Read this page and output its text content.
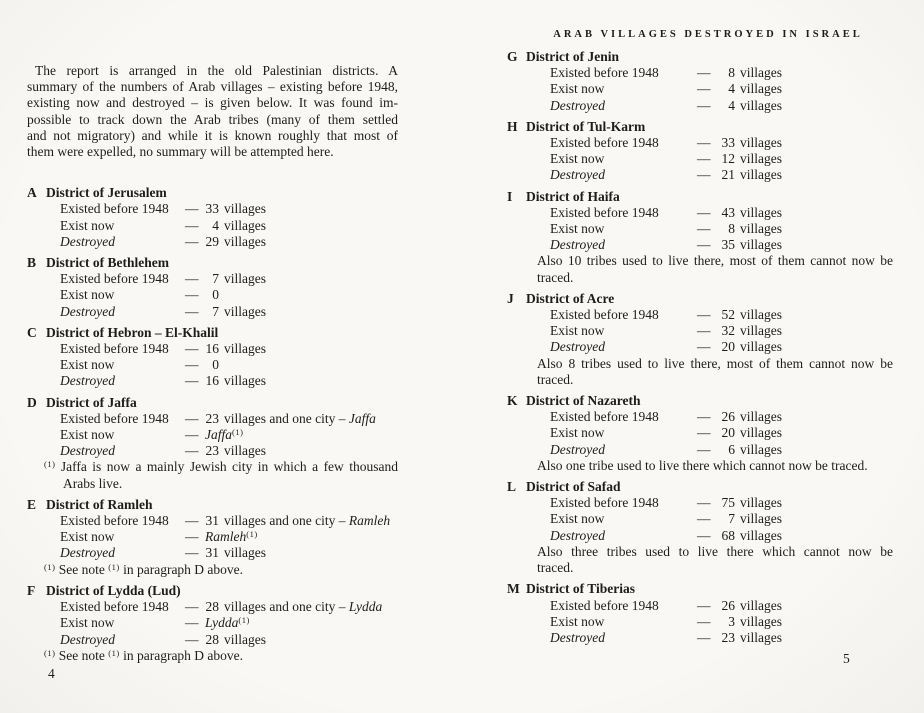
The report is arranged in the old Palestinian districts. A
summary of the numbers of Arab villages – existing before 1948,
existing now and destroyed – is given below. It was found im-
possible to track down the Arab tribes (many of them settled
and not migratory) and while it is known roughly that most of
them were expelled, no summary will be attempted here.
A District of Jerusalem
Existed before 1948	— 33 villages
Exist now	—	4 villages
Destroyed	— 29 villages
B District of Bethlehem
Existed before 1948	—	7 villages
Exist now	—	0
Destroyed	—	7 villages
C District of Hebron – El-Khalil
Existed before 1948	— 16 villages
Exist now	—	0
Destroyed	— 16 villages
D District of Jaffa
Existed before 1948	— 23 villages and one city – Jaffa
Exist now	— Jaffa$^{(1)}$
Destroyed	— 23 villages
$^{(1)}$ Jaffa is now a mainly Jewish city in which a few thousand
Arabs live.
E District of Ramleh
Existed before 1948	— 31 villages and one city – Ramleh
Exist now	— Ramleh$^{(1)}$
Destroyed	— 31 villages
$^{(1)}$ See note $^{(1)}$ in paragraph D above.
F District of Lydda (Lud)
Existed before 1948	— 28 villages and one city – Lydda
Exist now	— Lydda$^{(1)}$
Destroyed	— 28 villages
$^{(1)}$ See note $^{(1)}$ in paragraph D above.
ARAB VILLAGES DESTROYED IN ISRAEL
G District of Jenin
Existed before 1948	—	8 villages
Exist now	—	4 villages
Destroyed	—	4 villages
H District of Tul-Karm
Existed before 1948	— 33 villages
Exist now	— 12 villages
Destroyed	— 21 villages
I District of Haifa
Existed before 1948	— 43 villages
Exist now	—	8 villages
Destroyed	— 35 villages
Also 10 tribes used to live there, most of them cannot now be
traced.
J District of Acre
Existed before 1948	— 52 villages
Exist now	— 32 villages
Destroyed	— 20 villages
Also 8 tribes used to live there, most of them cannot now be
traced.
K District of Nazareth
Existed before 1948	— 26 villages
Exist now	— 20 villages
Destroyed	—	6 villages
Also one tribe used to live there which cannot now be traced.
L District of Safad
Existed before 1948	— 75 villages
Exist now	—	7 villages
Destroyed	— 68 villages
Also three tribes used to live there which cannot now be
traced.
M District of Tiberias
Existed before 1948	— 26 villages
Exist now	—	3 villages
Destroyed	— 23 villages
4
5
